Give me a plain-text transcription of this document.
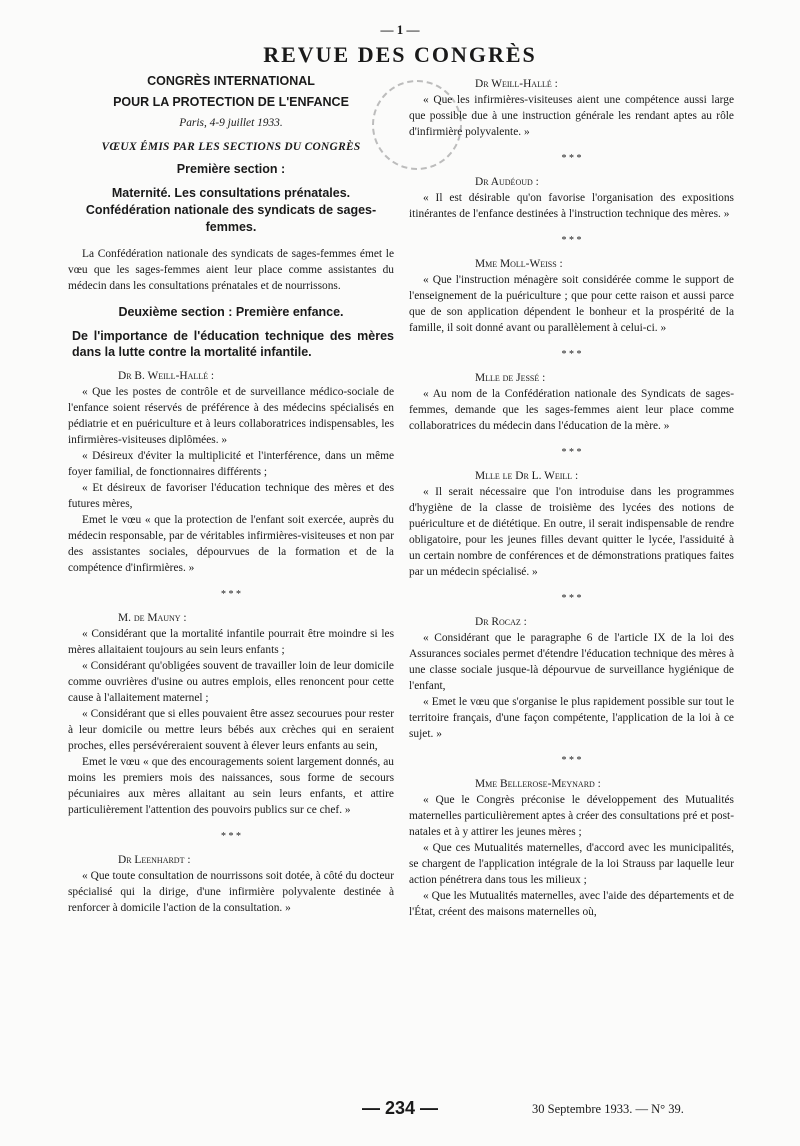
— 1 —
REVUE DES CONGRÈS

CONGRÈS INTERNATIONAL

POUR LA PROTECTION DE L'ENFANCE

Paris, 4-9 juillet 1933.

VŒUX ÉMIS PAR LES SECTIONS DU CONGRÈS

Première section :

Maternité. Les consultations prénatales. Confédération nationale des syndicats de sages-femmes.

La Confédération nationale des syndicats de sages-femmes émet le vœu que les sages-femmes aient leur place comme assistantes du médecin dans les consultations prénatales et de nourrissons.

Deuxième section : Première enfance.

De l'importance de l'éducation technique des mères dans la lutte contre la mortalité infantile.

Dr B. Weill-Hallé :

« Que les postes de contrôle et de surveillance médico-sociale de l'enfance soient réservés de préférence à des médecins spécialisés en pédiatrie et en puériculture et à leurs collaboratrices indispensables, les infirmières-visiteuses diplômées. »

« Désireux d'éviter la multiplicité et l'interférence, dans un même foyer familial, de fonctionnaires différents ;

« Et désireux de favoriser l'éducation technique des mères et des futures mères,

Emet le vœu « que la protection de l'enfant soit exercée, auprès du médecin responsable, par de véritables infirmières-visiteuses et non par des assistantes sociales, dépourvues de la formation et de la compétence d'infirmières. »

* * *

M. de Mauny :

« Considérant que la mortalité infantile pourrait être moindre si les mères allaitaient toujours au sein leurs enfants ;

« Considérant qu'obligées souvent de travailler loin de leur domicile comme ouvrières d'usine ou autres emplois, elles renoncent pour cette cause à l'allaitement maternel ;

« Considérant que si elles pouvaient être assez secourues pour rester à leur domicile ou mettre leurs bébés aux crèches qui en seraient proches, elles persévéreraient souvent à élever leurs enfants au sein,

Emet le vœu « que des encouragements soient largement donnés, au moins les premiers mois des naissances, sous forme de secours pécuniaires aux mères allaitant au sein leurs enfants, et attire particulièrement l'attention des pouvoirs publics sur ce chef. »

* * *

Dr Leenhardt :

« Que toute consultation de nourrissons soit dotée, à côté du docteur spécialisé qui la dirige, d'une infirmière polyvalente destinée à renforcer à domicile l'action de la consultation. »

Dr Weill-Hallé :

« Que les infirmières-visiteuses aient une compétence aussi large que possible due à une instruction générale les rendant aptes au rôle d'infirmière polyvalente. »

* * *

Dr Audéoud :

« Il est désirable qu'on favorise l'organisation des expositions itinérantes de l'enfance destinées à l'instruction technique des mères. »

* * *

Mme Moll-Weiss :

« Que l'instruction ménagère soit considérée comme le support de l'enseignement de la puériculture ; que pour cette raison et aussi parce que de son application dépendent le bonheur et la prospérité de la famille, il soit donné avant ou parallèlement à celui-ci. »

* * *

Mlle de Jessé :

« Au nom de la Confédération nationale des Syndicats de sages-femmes, demande que les sages-femmes aient leur place comme collaboratrices du médecin dans l'éducation de la mère. »

* * *

Mlle le Dr L. Weill :

« Il serait nécessaire que l'on introduise dans les programmes d'hygiène de la classe de troisième des lycées des notions de puériculture et de diététique. En outre, il serait indispensable de rendre obligatoire, pour les jeunes filles devant quitter le lycée, l'assiduité à un certain nombre de conférences et de démonstrations pratiques faites par un médecin spécialisé. »

* * *

Dr Rocaz :

« Considérant que le paragraphe 6 de l'article IX de la loi des Assurances sociales permet d'étendre l'éducation technique des mères à une classe sociale jusque-là dépourvue de surveillance hygiénique de l'enfant,

« Emet le vœu que s'organise le plus rapidement possible sur tout le territoire français, d'une façon compétente, l'application de la loi à ce sujet. »

* * *

Mme Bellerose-Meynard :

« Que le Congrès préconise le développement des Mutualités maternelles particulièrement aptes à créer des consultations pré et post-natales et à y attirer les jeunes mères ;

« Que ces Mutualités maternelles, d'accord avec les municipalités, se chargent de l'application intégrale de la loi Strauss par laquelle leur action pénétrera dans tous les milieux ;

« Que les Mutualités maternelles, avec l'aide des départements et de l'État, créent des maisons maternelles où,

— 234 —	30 Septembre 1933. — N° 39.
